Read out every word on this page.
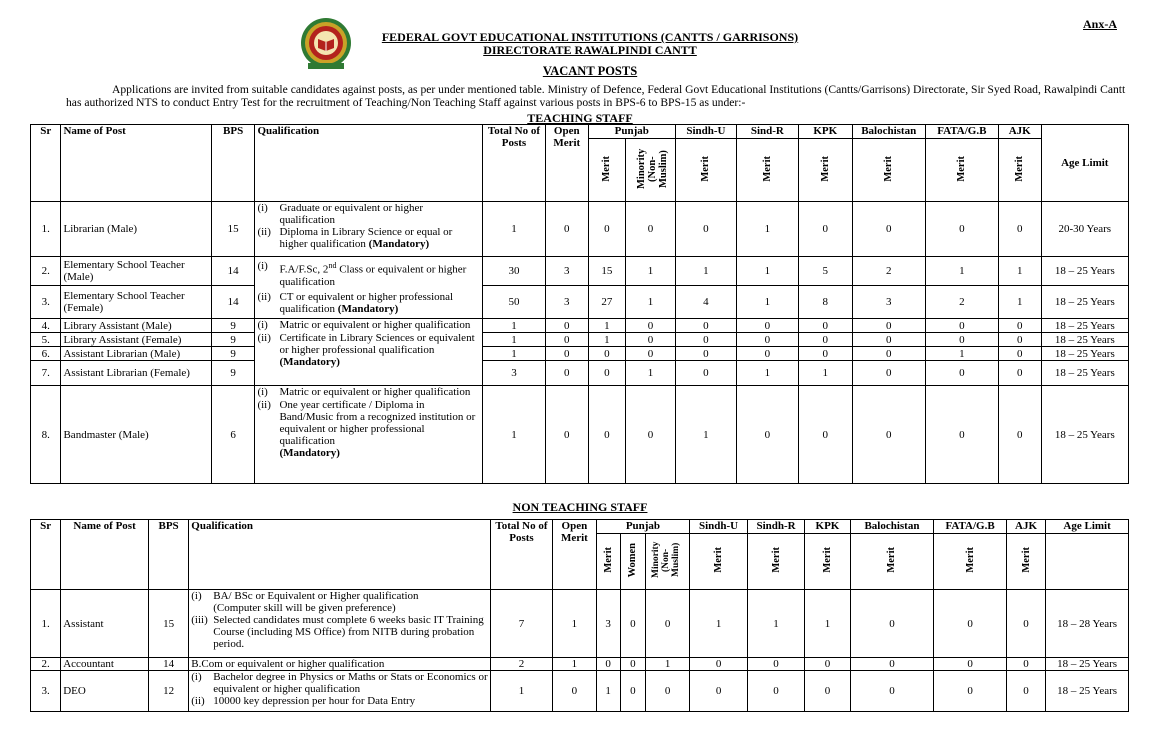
Anx-A
FEDERAL GOVT EDUCATIONAL INSTITUTIONS (CANTTS / GARRISONS)
DIRECTORATE RAWALPINDI CANTT
VACANT POSTS
Applications are invited from suitable candidates against posts, as per under mentioned table. Ministry of Defence, Federal Govt Educational Institutions (Cantts/Garrisons) Directorate, Sir Syed Road, Rawalpindi Cantt has authorized NTS to conduct Entry Test for the recruitment of Teaching/Non Teaching Staff against various posts in BPS-6 to BPS-15 as under:-
TEACHING STAFF
Sr	Name of Post	BPS	Qualification	Total No of Posts	Open Merit	Punjab		Sindh-U	Sind-R	KPK	Balochistan	FATA/G.B	AJK	Age Limit
						Merit	Minority (Non-Muslim)	Merit	Merit	Merit	Merit	Merit	Merit	
1.	Librarian (Male)	15	(i) Graduate or equivalent or higher qualification
(ii) Diploma in Library Science or equal or higher qualification (Mandatory)	1	0	0	0	0	1	0	0	0	0	20-30 Years
2.	Elementary School Teacher (Male)	14	(i) F.A/F.Sc, 2nd Class or equivalent or higher qualification
(ii) CT or equivalent or higher professional qualification (Mandatory)	30	3	15	1	1	1	5	2	1	1	18 – 25 Years
3.	Elementary School Teacher (Female)	14		50	3	27	1	4	1	8	3	2	1	18 – 25 Years
4.	Library Assistant (Male)	9	(i) Matric or equivalent or higher qualification
(ii) Certificate in Library Sciences or equivalent or higher professional qualification (Mandatory)	1	0	1	0	0	0	0	0	0	0	18 – 25 Years
5.	Library Assistant (Female)	9		1	0	1	0	0	0	0	0	0	0	18 – 25 Years
6.	Assistant Librarian (Male)	9		1	0	0	0	0	0	0	0	1	0	18 – 25 Years
7.	Assistant Librarian (Female)	9		3	0	0	1	0	1	1	0	0	0	18 – 25 Years
8.	Bandmaster (Male)	6	(i) Matric or equivalent or higher qualification
(ii) One year certificate / Diploma in Band/Music from a recognized institution or equivalent or higher professional qualification
(Mandatory)	1	0	0	0	1	0	0	0	0	0	18 – 25 Years
NON TEACHING STAFF
Sr	Name of Post	BPS	Qualification	Total No of Posts	Open Merit	Punjab			Sindh-U	Sindh-R	KPK	Balochistan	FATA/G.B	AJK	Age Limit
						Merit	Women	Minority (Non-Muslim)	Merit	Merit	Merit	Merit	Merit	Merit	
1.	Assistant	15	(i) BA/ BSc or Equivalent or Higher qualification
(Computer skill will be given preference)
(iii) Selected candidates must complete 6 weeks basic IT Training Course (including MS Office) from NITB during probation period.	7	1	3	0	0	1	1	1	0	0	0	18 – 28 Years
2.	Accountant	14	B.Com or equivalent or higher qualification	2	1	0	0	1	0	0	0	0	0	0	18 – 25 Years
3.	DEO	12	(i) Bachelor degree in Physics or Maths or Stats or Economics or equivalent or higher qualification
(ii) 10000 key depression per hour for Data Entry	1	0	1	0	0	0	0	0	0	0	0	18 – 25 Years
